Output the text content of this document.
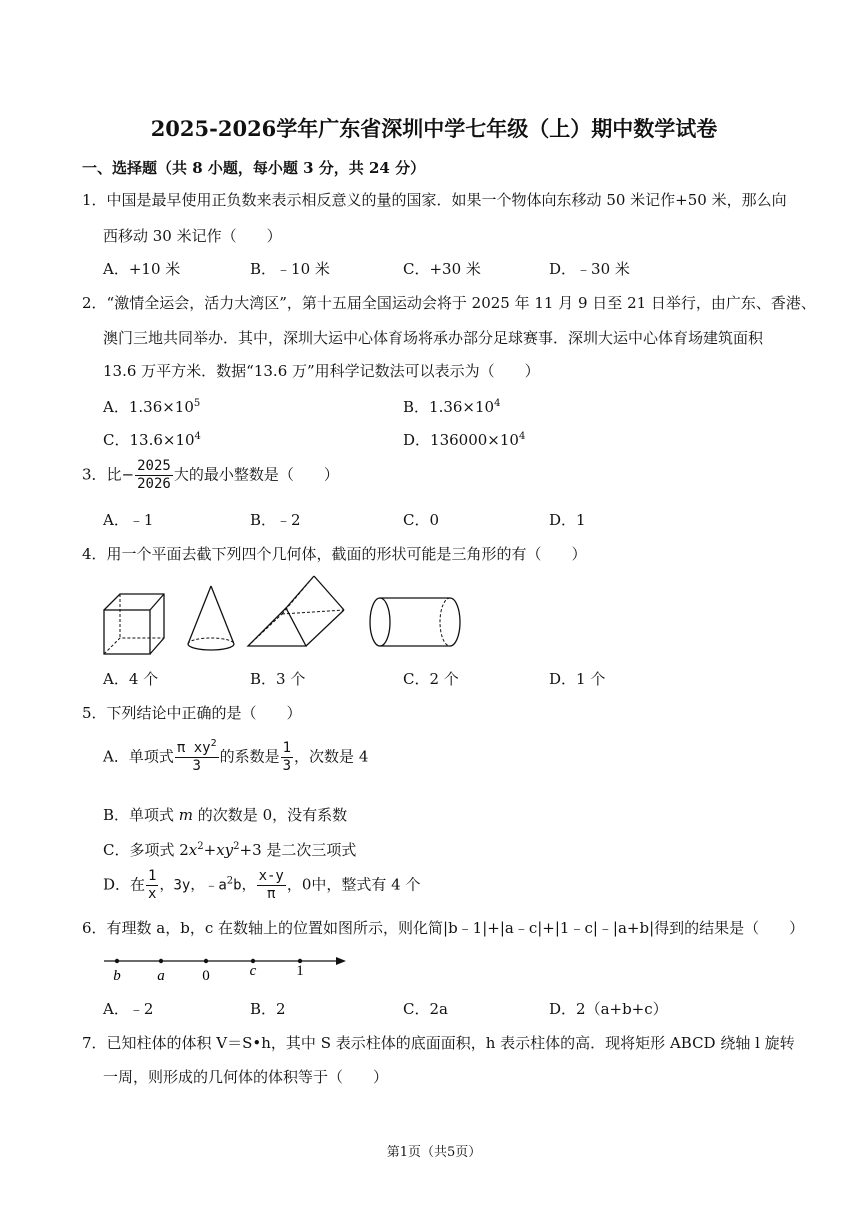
2025-2026学年广东省深圳中学七年级（上）期中数学试卷
一、选择题（共 8 小题，每小题 3 分，共 24 分）
1．中国是最早使用正负数来表示相反意义的量的国家．如果一个物体向东移动 50 米记作+50 米，那么向
西移动 30 米记作（　　）
A．+10 米	B．﹣10 米	C．+30 米	D．﹣30 米
2．“激情全运会，活力大湾区”，第十五届全国运动会将于 2025 年 11 月 9 日至 21 日举行，由广东、香港、
澳门三地共同举办．其中，深圳大运中心体育场将承办部分足球赛事．深圳大运中心体育场建筑面积
13.6 万平方米．数据“13.6 万”用科学记数法可以表示为（　　）
A．$1.36\times 10^5$	B．$1.36\times 10^4$
C．$13.6\times 10^4$	D．$136000\times 10^4$
3．比− $\frac{2025}{2026}$ 大的最小整数是（　　）
A．﹣1	B．﹣2	C．0	D．1
4．用一个平面去截下列四个几何体，截面的形状可能是三角形的有（　　）
A．4 个	B．3 个	C．2 个	D．1 个
5．下列结论中正确的是（　　）
A．单项式 $\frac{\pi xy^2}{3}$ 的系数是 $\frac{1}{3}$ ，次数是 4
B．单项式 m 的次数是 0，没有系数
C．多项式 $2x^2+xy^2+3$ 是二次三项式
D．在 $\frac{1}{x}$ ，3y，$﹣a^2b$， $\frac{x-y}{\pi}$ ，0中，整式有 4 个
6．有理数 a，b，c 在数轴上的位置如图所示，则化简|b﹣1|+|a﹣c|+|1﹣c|﹣|a+b|得到的结果是（　　）
b a	0	c	1
A．﹣2	B．2	C．2a	D．2（a+b+c）
7．已知柱体的体积 V＝S•h，其中 S 表示柱体的底面面积，h 表示柱体的高．现将矩形 ABCD 绕轴 l 旋转
一周，则形成的几何体的体积等于（　　）
第1页（共5页）
